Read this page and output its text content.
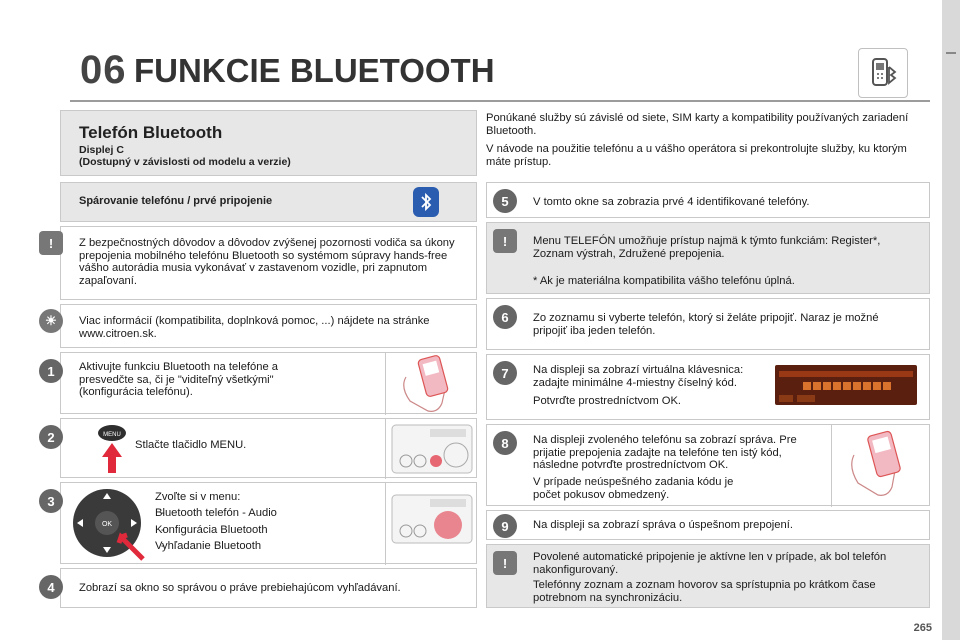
06 FUNKCIE BLUETOOTH
Telefón Bluetooth
Displej C
(Dostupný v závislosti od modelu a verzie)
Spárovanie telefónu / prvé pripojenie
!	Z bezpečnostných dôvodov a dôvodov zvýšenej pozornosti vodiča sa úkony prepojenia mobilného telefónu Bluetooth so systémom súpravy hands-free vášho autorádia musia vykonávať v zastavenom vozidle, pri zapnutom zapaľovaní.
☀	Viac informácií (kompatibilita, doplnková pomoc, ...) nájdete na stránke www.citroen.sk.
1	Aktivujte funkciu Bluetooth na telefóne a presvedčte sa, či je "viditeľný všetkými" (konfigurácia telefónu).
2	MENU
Stlačte tlačidlo MENU.
3
OK
Zvoľte si v menu:
- Bluetooth telefón - Audio
- Konfigurácia Bluetooth
- Vyhľadanie Bluetooth
4	Zobrazí sa okno so správou o práve prebiehajúcom vyhľadávaní.
Ponúkané služby sú závislé od siete, SIM karty a kompatibility používaných zariadení Bluetooth.
V návode na použitie telefónu a u vášho operátora si prekontrolujte služby, ku ktorým máte prístup.
5	V tomto okne sa zobrazia prvé 4 identifikované telefóny.
!	Menu TELEFÓN umožňuje prístup najmä k týmto funkciám: Register*, Zoznam výstrah, Združené prepojenia.
* Ak je materiálna kompatibilita vášho telefónu úplná.
6	Zo zoznamu si vyberte telefón, ktorý si želáte pripojiť. Naraz je možné pripojiť iba jeden telefón.
7	Na displeji sa zobrazí virtuálna klávesnica: zadajte minimálne 4-miestny číselný kód.
Potvrďte prostredníctvom OK.
8	Na displeji zvoleného telefónu sa zobrazí správa. Pre prijatie prepojenia zadajte na telefóne ten istý kód, následne potvrďte prostredníctvom OK.
V prípade neúspešného zadania kódu je počet pokusov obmedzený.
9	Na displeji sa zobrazí správa o úspešnom prepojení.
!	Povolené automatické pripojenie je aktívne len v prípade, ak bol telefón nakonfigurovaný.
Telefónny zoznam a zoznam hovorov sa sprístupnia po krátkom čase potrebnom na synchronizáciu.
265
